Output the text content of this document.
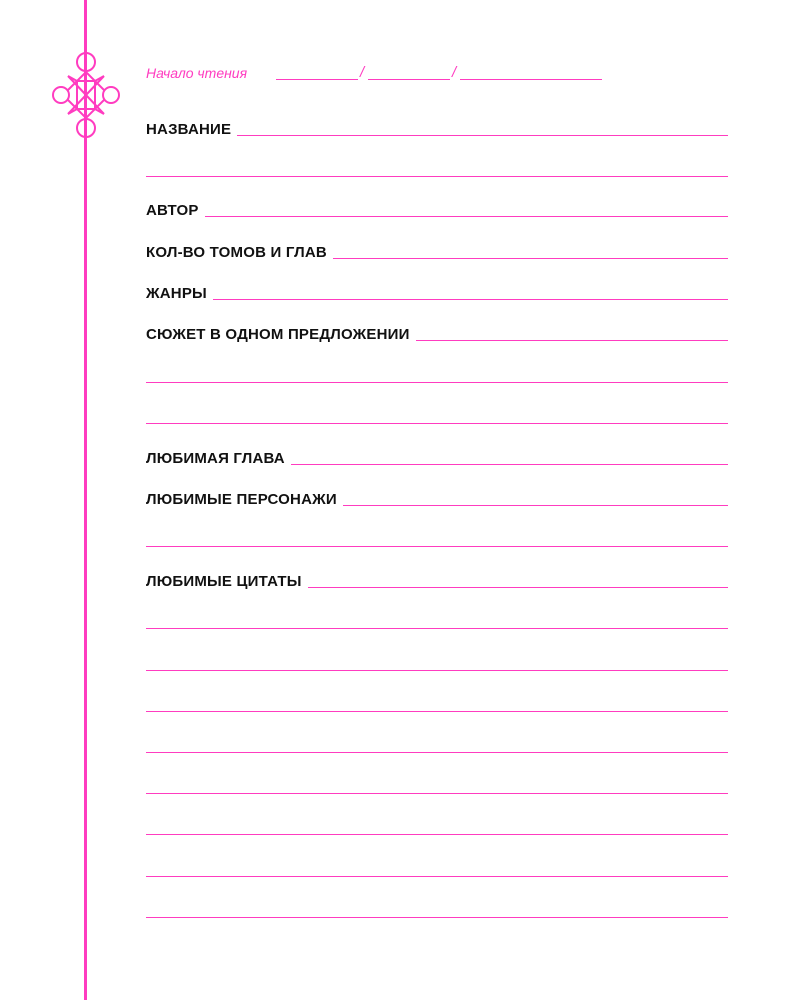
Начало чтения	/	/
НАЗВАНИЕ
АВТОР
КОЛ-ВО ТОМОВ И ГЛАВ
ЖАНРЫ
СЮЖЕТ В ОДНОМ ПРЕДЛОЖЕНИИ
ЛЮБИМАЯ ГЛАВА
ЛЮБИМЫЕ ПЕРСОНАЖИ
ЛЮБИМЫЕ ЦИТАТЫ
